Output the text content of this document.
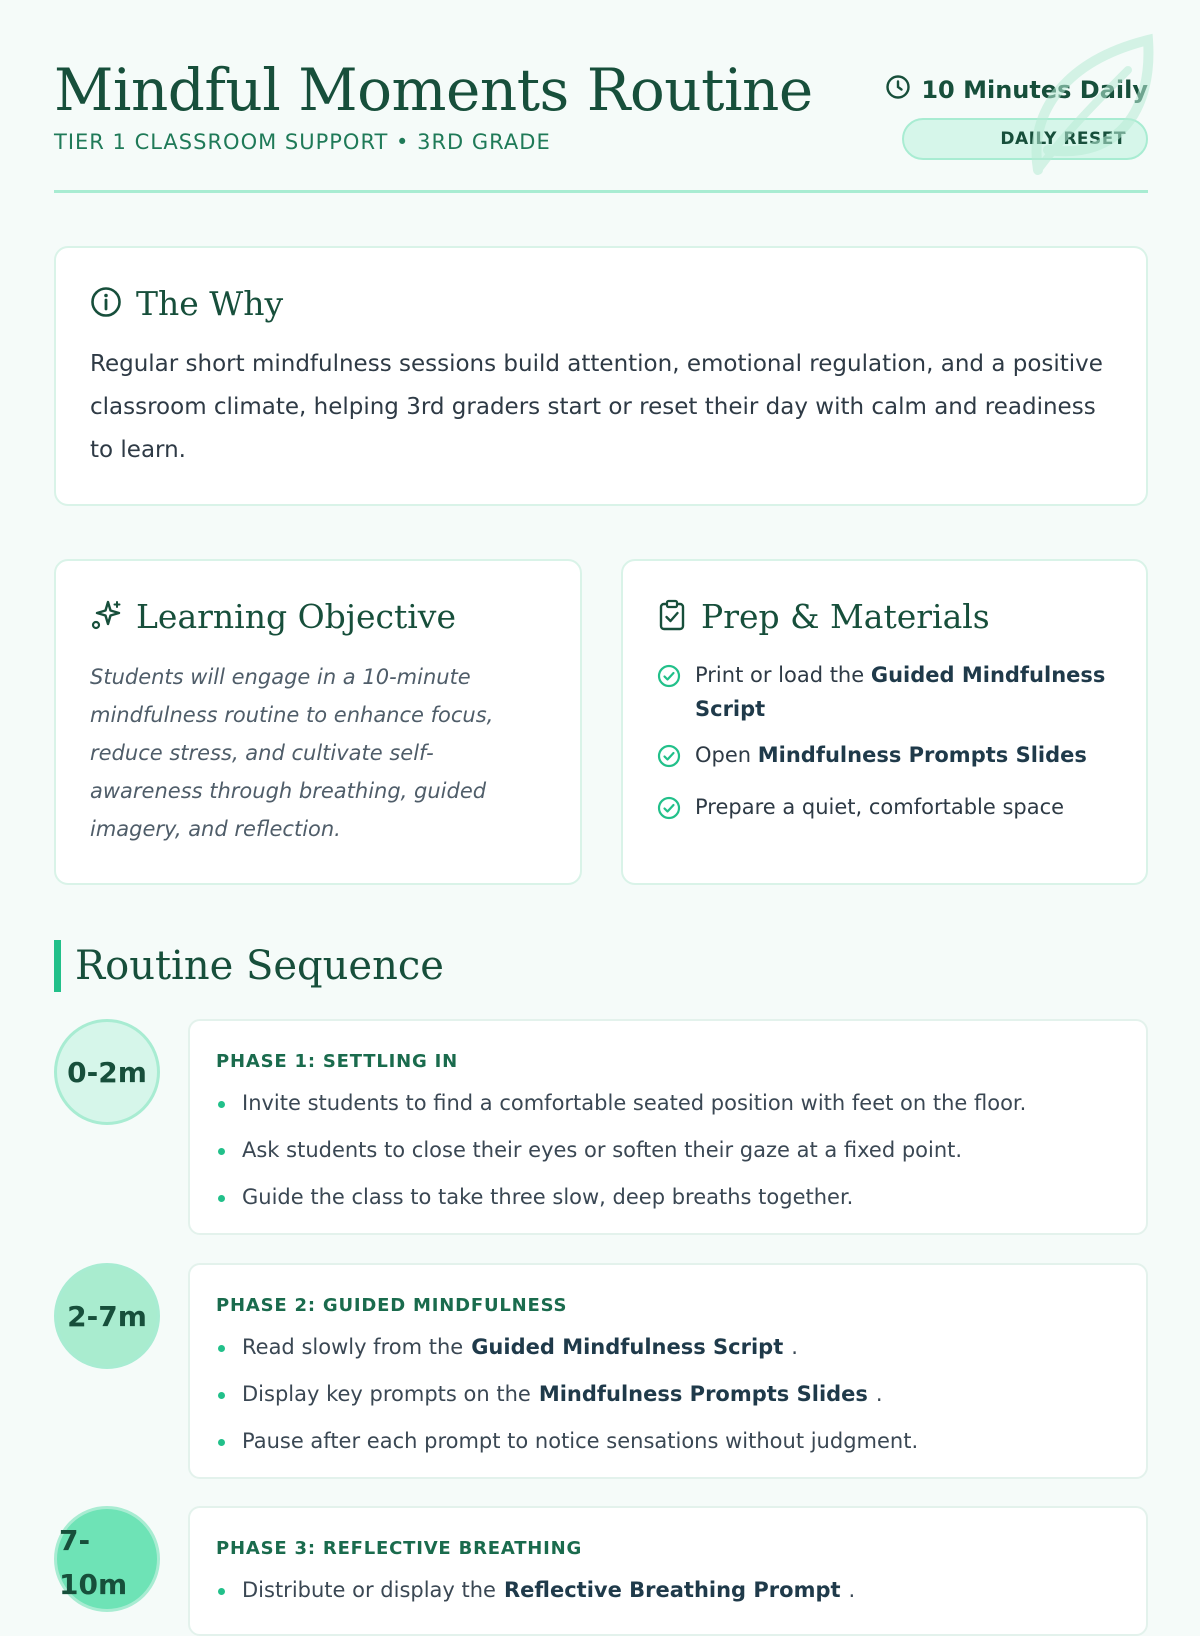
Mindful Moments Routine
TIER 1 CLASSROOM SUPPORT • 3RD GRADE
10 Minutes Daily
DAILY RESET
The Why
Regular short mindfulness sessions build attention, emotional regulation, and a positive classroom climate, helping 3rd graders start or reset their day with calm and readiness to learn.
Learning Objective
Students will engage in a 10-minute mindfulness routine to enhance focus, reduce stress, and cultivate self-awareness through breathing, guided imagery, and reflection.
Prep & Materials
Print or load the Guided Mindfulness Script
Open Mindfulness Prompts Slides
Prepare a quiet, comfortable space
Routine Sequence
0-2m	PHASE 1: SETTLING IN
Invite students to find a comfortable seated position with feet on the floor.
Ask students to close their eyes or soften their gaze at a fixed point.
Guide the class to take three slow, deep breaths together.
2-7m	PHASE 2: GUIDED MINDFULNESS
Read slowly from the Guided Mindfulness Script .
Display key prompts on the Mindfulness Prompts Slides .
Pause after each prompt to notice sensations without judgment.
7-10m
PHASE 3: REFLECTIVE BREATHING
Distribute or display the Reflective Breathing Prompt .
